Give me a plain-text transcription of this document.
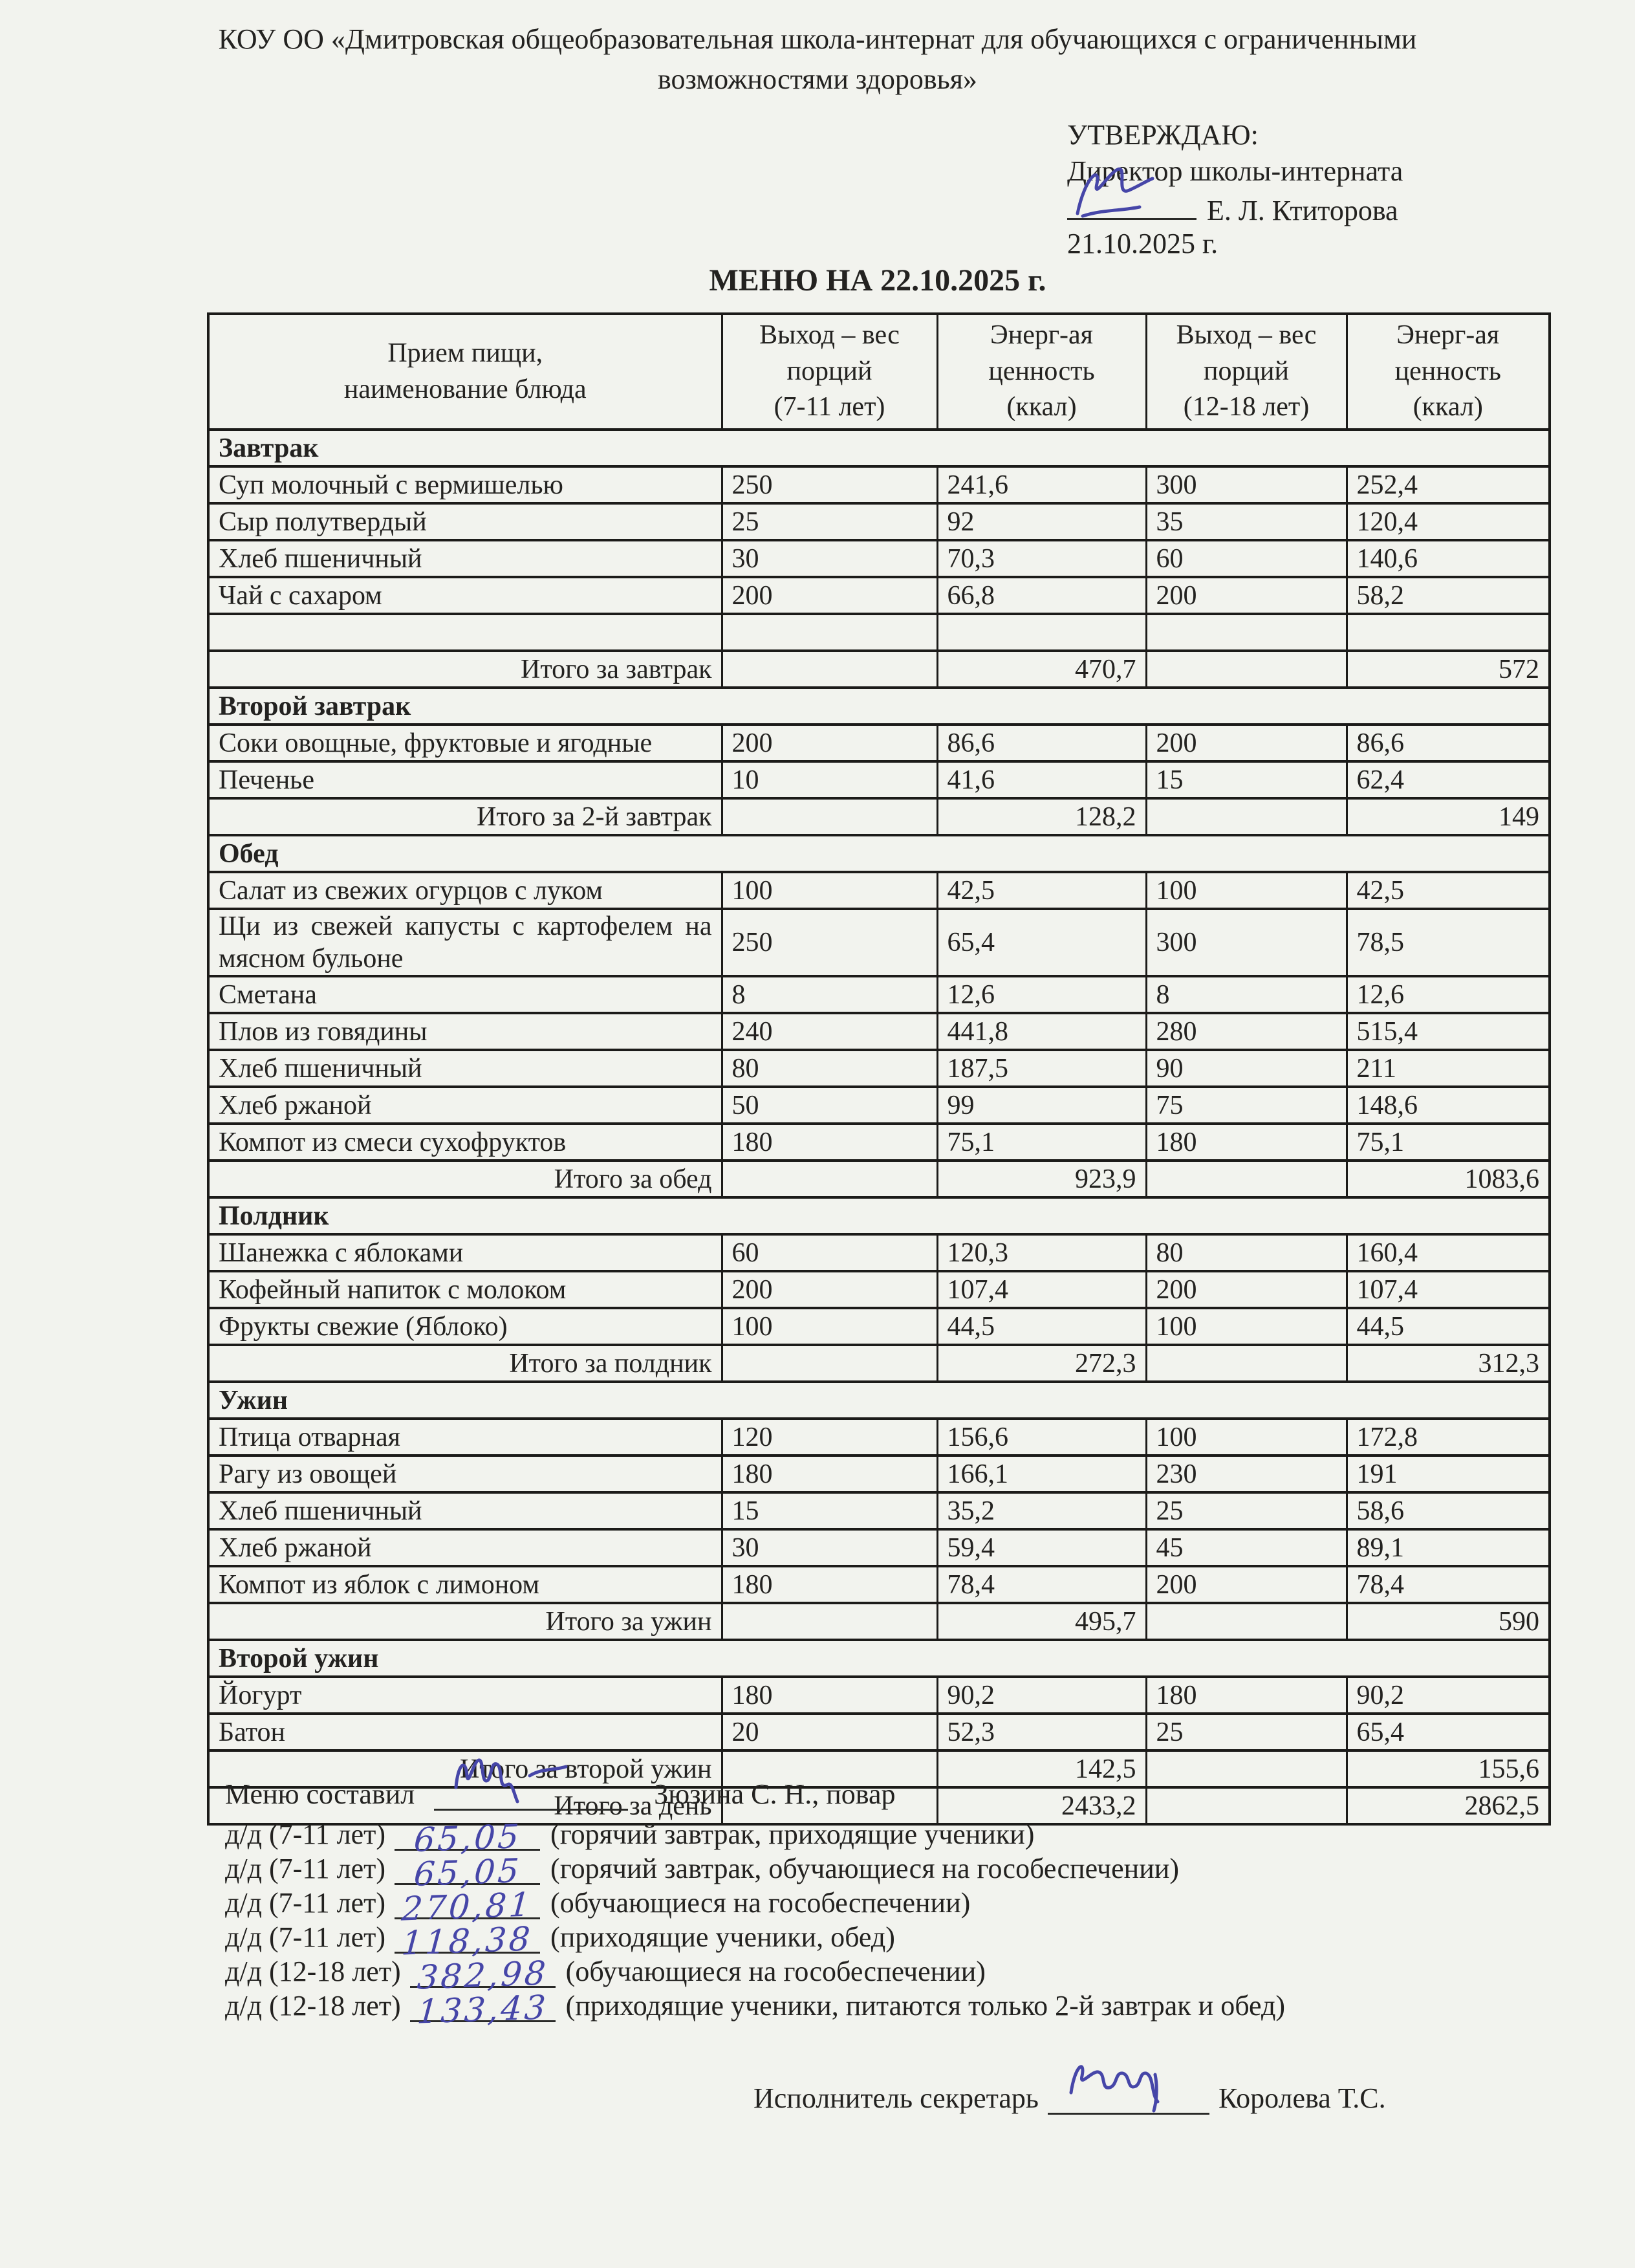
КОУ ОО «Дмитровская общеобразовательная школа-интернат для обучающихся с ограниченными
возможностями здоровья»
УТВЕРЖДАЮ:
Директор школы-интерната
Е. Л. Ктиторова
21.10.2025 г.
МЕНЮ НА 22.10.2025 г.
Прием пищи,
наименование блюда

Выход – вес
порций
(7-11 лет)

Энерг-ая
ценность
(ккал)

Выход – вес
порций
(12-18 лет)

Энерг-ая
ценность
(ккал)

Завтрак				
Суп молочный с вермишелью	250	241,6	300	252,4
Сыр полутвердый	25	92	35	120,4
Хлеб пшеничный	30	70,3	60	140,6
Чай с сахаром	200	66,8	200	58,2

Итого за завтрак		470,7		572
Второй завтрак				
Соки овощные, фруктовые и ягодные	200	86,6	200	86,6
Печенье	10	41,6	15	62,4
Итого за 2-й завтрак		128,2		149
Обед				
Салат из свежих огурцов с луком	100	42,5	100	42,5
Щи из свежей капусты с картофелем на мясном бульоне	250	65,4	300	78,5
Сметана	8	12,6	8	12,6
Плов из говядины	240	441,8	280	515,4
Хлеб пшеничный	80	187,5	90	211
Хлеб ржаной	50	99	75	148,6
Компот из смеси сухофруктов	180	75,1	180	75,1
Итого за обед		923,9		1083,6
Полдник				
Шанежка с яблоками	60	120,3	80	160,4
Кофейный напиток с молоком	200	107,4	200	107,4
Фрукты свежие (Яблоко)	100	44,5	100	44,5
Итого за полдник		272,3		312,3
Ужин				
Птица отварная	120	156,6	100	172,8
Рагу из овощей	180	166,1	230	191
Хлеб пшеничный	15	35,2	25	58,6
Хлеб ржаной	30	59,4	45	89,1
Компот из яблок с лимоном	180	78,4	200	78,4
Итого за ужин		495,7		590
Второй ужин				
Йогурт	180	90,2	180	90,2
Батон	20	52,3	25	65,4
Итого за второй ужин		142,5		155,6
Итого за день		2433,2		2862,5
Меню составил	Зюзина С. Н., повар
д/д (7-11 лет) 65,05 (горячий завтрак, приходящие ученики)
д/д (7-11 лет) 65,05 (горячий завтрак, обучающиеся на гособеспечении)
д/д (7-11 лет) 270,81 (обучающиеся на гособеспечении)
д/д (7-11 лет) 118,38 (приходящие ученики, обед)
д/д (12-18 лет) 382,98 (обучающиеся на гособеспечении)
д/д (12-18 лет) 133,43 (приходящие ученики, питаются только 2-й завтрак и обед)
Исполнитель секретарь	Королева Т.С.
